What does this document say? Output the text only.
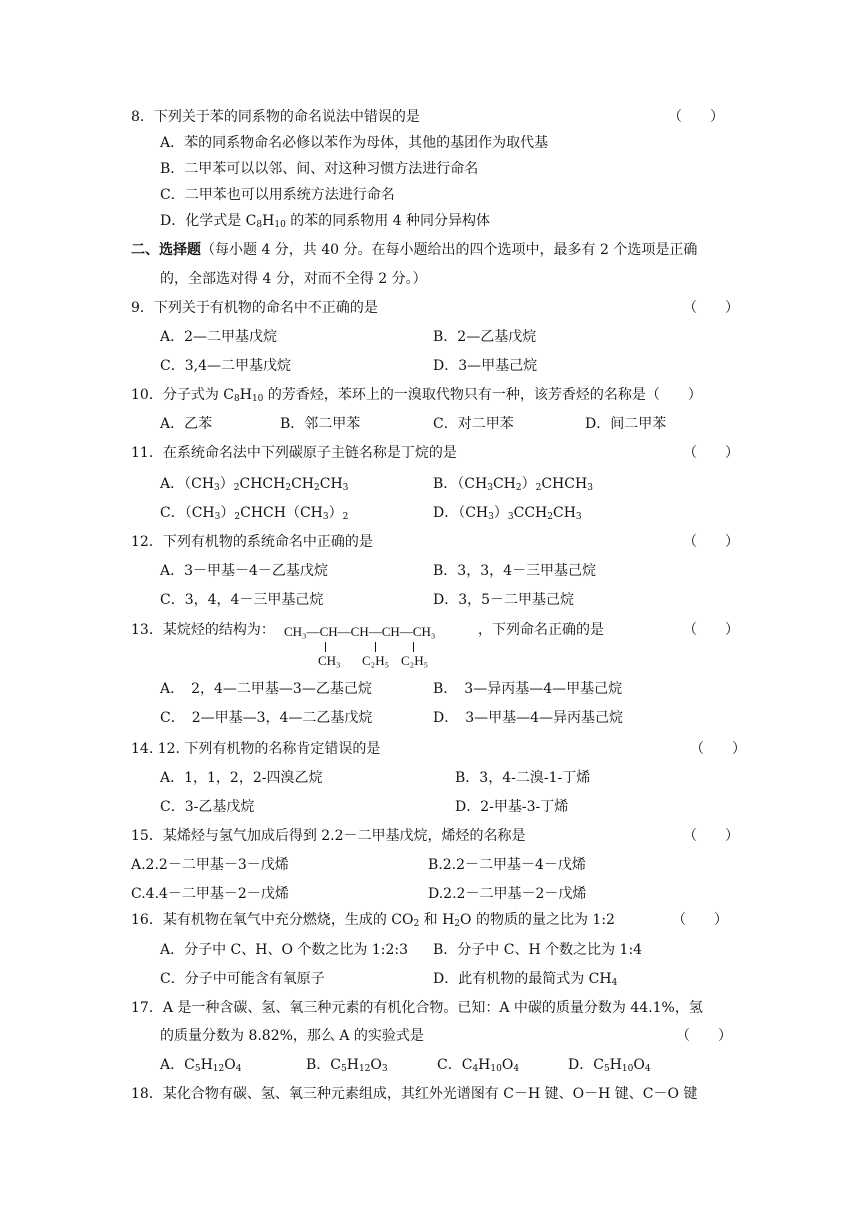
8．下列关于苯的同系物的命名说法中错误的是	（　　）
A．苯的同系物命名必修以苯作为母体，其他的基团作为取代基
B．二甲苯可以以邻、间、对这种习惯方法进行命名
C．二甲苯也可以用系统方法进行命名
D．化学式是 $C_8H_{10}$ 的苯的同系物用 4 种同分异构体
二、选择题（每小题 4 分，共 40 分。在每小题给出的四个选项中，最多有 2 个选项是正确
的，全部选对得 4 分，对而不全得 2 分。）
9．下列关于有机物的命名中不正确的是	（　　）
A．2—二甲基戊烷	B．2—乙基戊烷
C．3,4—二甲基戊烷	D．3—甲基己烷
10．分子式为 $C_8H_{10}$ 的芳香烃，苯环上的一溴取代物只有一种，该芳香烃的名称是（　　）
A．乙苯	B．邻二甲苯	C．对二甲苯	D．间二甲苯
11．在系统命名法中下列碳原子主链名称是丁烷的是	（　　）
A．$(CH_3)_2CHCH_2CH_2CH_3$	B．$(CH_3CH_2)_2CHCH_3$
C．$(CH_3)_2CHCH(CH_3)_2$	D．$(CH_3)_3CCH_2CH_3$
12．下列有机物的系统命名中正确的是	（　　）
A．3－甲基－4－乙基戊烷	B．3，3，4－三甲基己烷
C．3，4，4－三甲基己烷	D．3，5－二甲基己烷
13．某烷烃的结构为： CH₃—CH—CH—CH—CH₃
CH₃ C₂H₅ C₂H₅
，下列命名正确的是	（　　）
A．　2，4—二甲基—3—乙基己烷	B．　3—异丙基—4—甲基己烷
C．　2—甲基—3，4—二乙基戊烷	D．　3—甲基—4—异丙基己烷
14. 12. 下列有机物的名称肯定错误的是	（　　）
A．1，1，2，2-四溴乙烷	B．3，4-二溴-1-丁烯
C．3-乙基戊烷	D．2-甲基-3-丁烯
15．某烯烃与氢气加成后得到 2.2－二甲基戊烷，烯烃的名称是	（　　）
A.2.2－二甲基－3－戊烯	B.2.2－二甲基－4－戊烯
C.4.4－二甲基－2－戊烯	D.2.2－二甲基－2－戊烯
16．某有机物在氧气中充分燃烧，生成的 $CO_2$ 和 $H_2O$ 的物质的量之比为 1:2	（　　）
A．分子中 C、H、O 个数之比为 1:2:3 B．分子中 C、H 个数之比为 1:4
C．分子中可能含有氧原子	D．此有机物的最简式为 $CH_4$
17．A 是一种含碳、氢、氧三种元素的有机化合物。已知：A 中碳的质量分数为 44.1%，氢
的质量分数为 8.82%，那么 A 的实验式是	（　　）
A．$C_5H_{12}O_4$	B．$C_5H_{12}O_3$	C．$C_4H_{10}O_4$	D．$C_5H_{10}O_4$
18．某化合物有碳、氢、氧三种元素组成，其红外光谱图有 C－H 键、O－H 键、C－O 键
